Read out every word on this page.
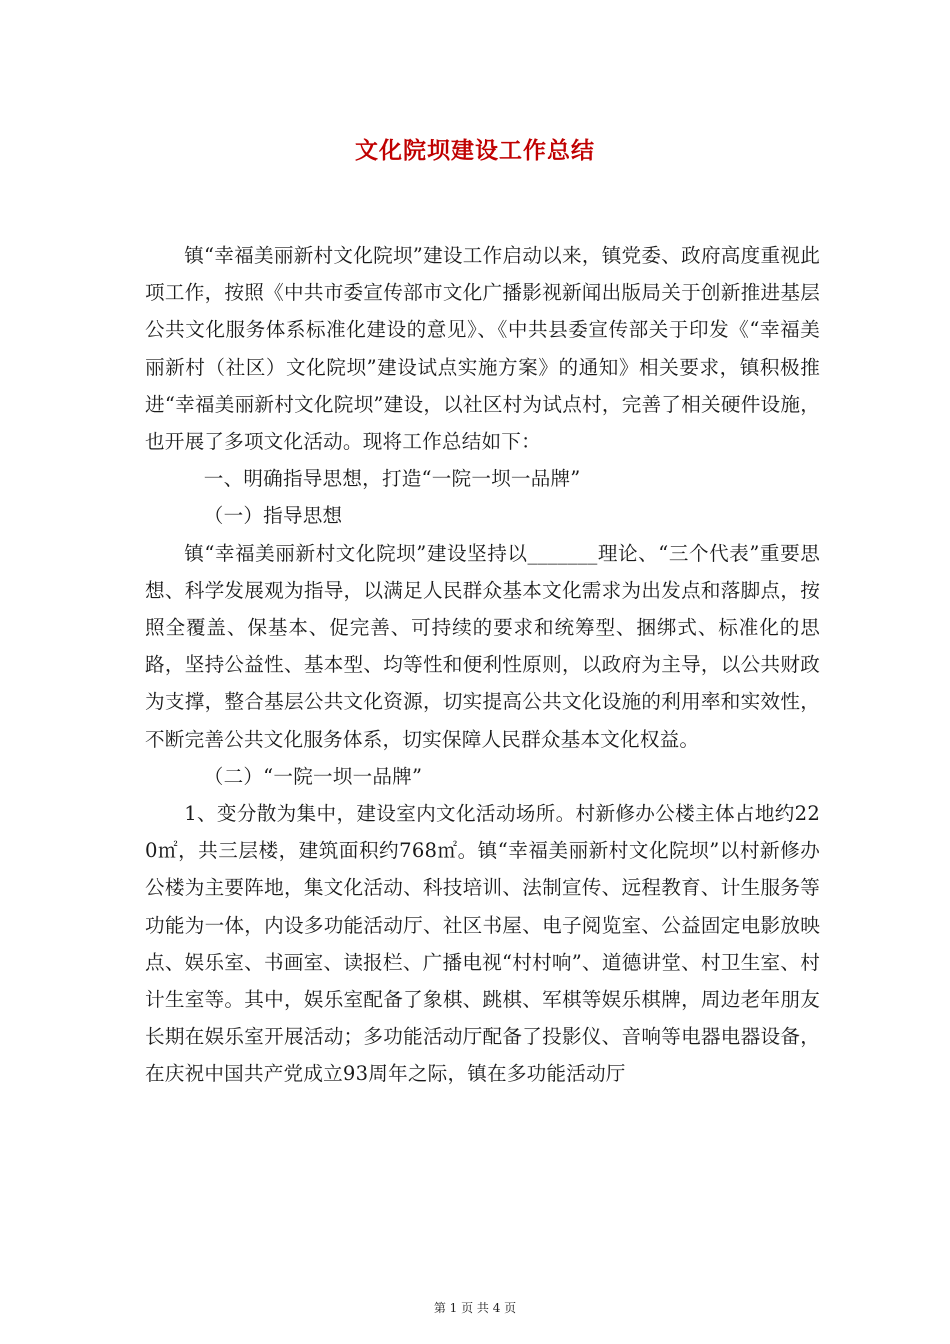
文化院坝建设工作总结

镇“幸福美丽新村文化院坝”建设工作启动以来，镇党委、政府高度重视此项工作，按照《中共市委宣传部市文化广播影视新闻出版局关于创新推进基层公共文化服务体系标准化建设的意见》、《中共县委宣传部关于印发《“幸福美丽新村（社区）文化院坝”建设试点实施方案》的通知》相关要求，镇积极推进“幸福美丽新村文化院坝”建设，以社区村为试点村，完善了相关硬件设施，也开展了多项文化活动。现将工作总结如下：

一、明确指导思想，打造“一院一坝一品牌”

（一）指导思想

镇“幸福美丽新村文化院坝”建设坚持以_______理论、“三个代表”重要思想、科学发展观为指导，以满足人民群众基本文化需求为出发点和落脚点，按照全覆盖、保基本、促完善、可持续的要求和统筹型、捆绑式、标准化的思路，坚持公益性、基本型、均等性和便利性原则，以政府为主导，以公共财政为支撑，整合基层公共文化资源，切实提高公共文化设施的利用率和实效性，不断完善公共文化服务体系，切实保障人民群众基本文化权益。

（二）“一院一坝一品牌”

1、变分散为集中，建设室内文化活动场所。村新修办公楼主体占地约220㎡，共三层楼，建筑面积约768㎡。镇“幸福美丽新村文化院坝”以村新修办公楼为主要阵地，集文化活动、科技培训、法制宣传、远程教育、计生服务等功能为一体，内设多功能活动厅、社区书屋、电子阅览室、公益固定电影放映点、娱乐室、书画室、读报栏、广播电视“村村响”、道德讲堂、村卫生室、村计生室等。其中，娱乐室配备了象棋、跳棋、军棋等娱乐棋牌，周边老年朋友长期在娱乐室开展活动；多功能活动厅配备了投影仪、音响等电器电器设备，在庆祝中国共产党成立93周年之际，镇在多功能活动厅

第 1 页 共 4 页
